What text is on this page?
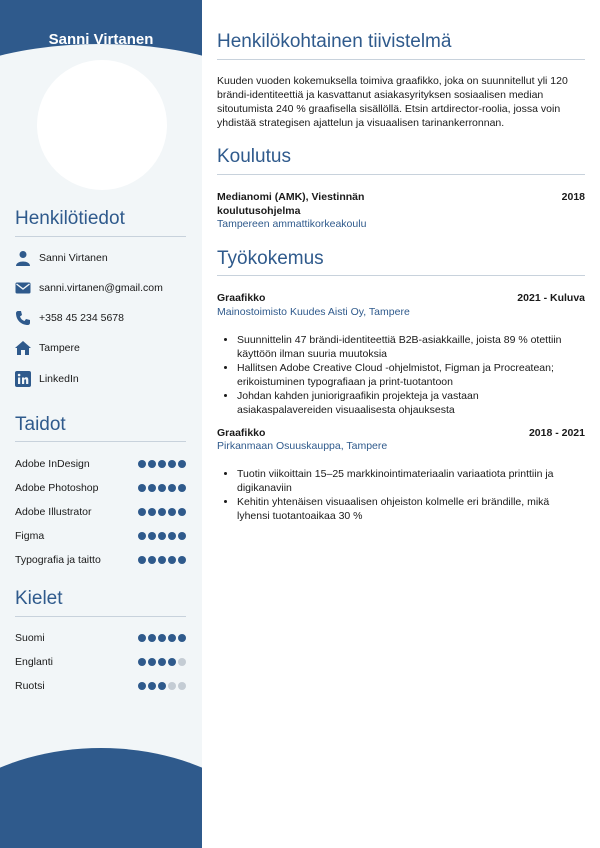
Sanni Virtanen
Henkilötiedot
Sanni Virtanen
sanni.virtanen@gmail.com
+358 45 234 5678
Tampere
LinkedIn
Taidot
Adobe InDesign
Adobe Photoshop
Adobe Illustrator
Figma
Typografia ja taitto
Kielet
Suomi
Englanti
Ruotsi
Henkilökohtainen tiivistelmä
Kuuden vuoden kokemuksella toimiva graafikko, joka on suunnitellut yli 120 brändi-identiteettiä ja kasvattanut asiakasyrityksen sosiaalisen median sitoutumista 240 % graafisella sisällöllä. Etsin artdirector-roolia, jossa voin yhdistää strategisen ajattelun ja visuaalisen tarinankerronnan.
Koulutus
Medianomi (AMK), Viestinnän koulutusohjelma
2018
Tampereen ammattikorkeakoulu
Työkokemus
Graafikko	2021 - Kuluva
Mainostoimisto Kuudes Aisti Oy, Tampere
• Suunnittelin 47 brändi-identiteettiä B2B-asiakkaille, joista 89 % otettiin käyttöön ilman suuria muutoksia
• Hallitsen Adobe Creative Cloud -ohjelmistot, Figman ja Procreatean; erikoistuminen typografiaan ja print-tuotantoon
• Johdan kahden juniorigraafikin projekteja ja vastaan asiakaspalavereiden visuaalisesta ohjauksesta
Graafikko	2018 - 2021
Pirkanmaan Osuuskauppa, Tampere
• Tuotin viikoittain 15–25 markkinointimateriaalin variaatiota printtiin ja digikanaviin
• Kehitin yhtenäisen visuaalisen ohjeiston kolmelle eri brändille, mikä lyhensi tuotantoaikaa 30 %
